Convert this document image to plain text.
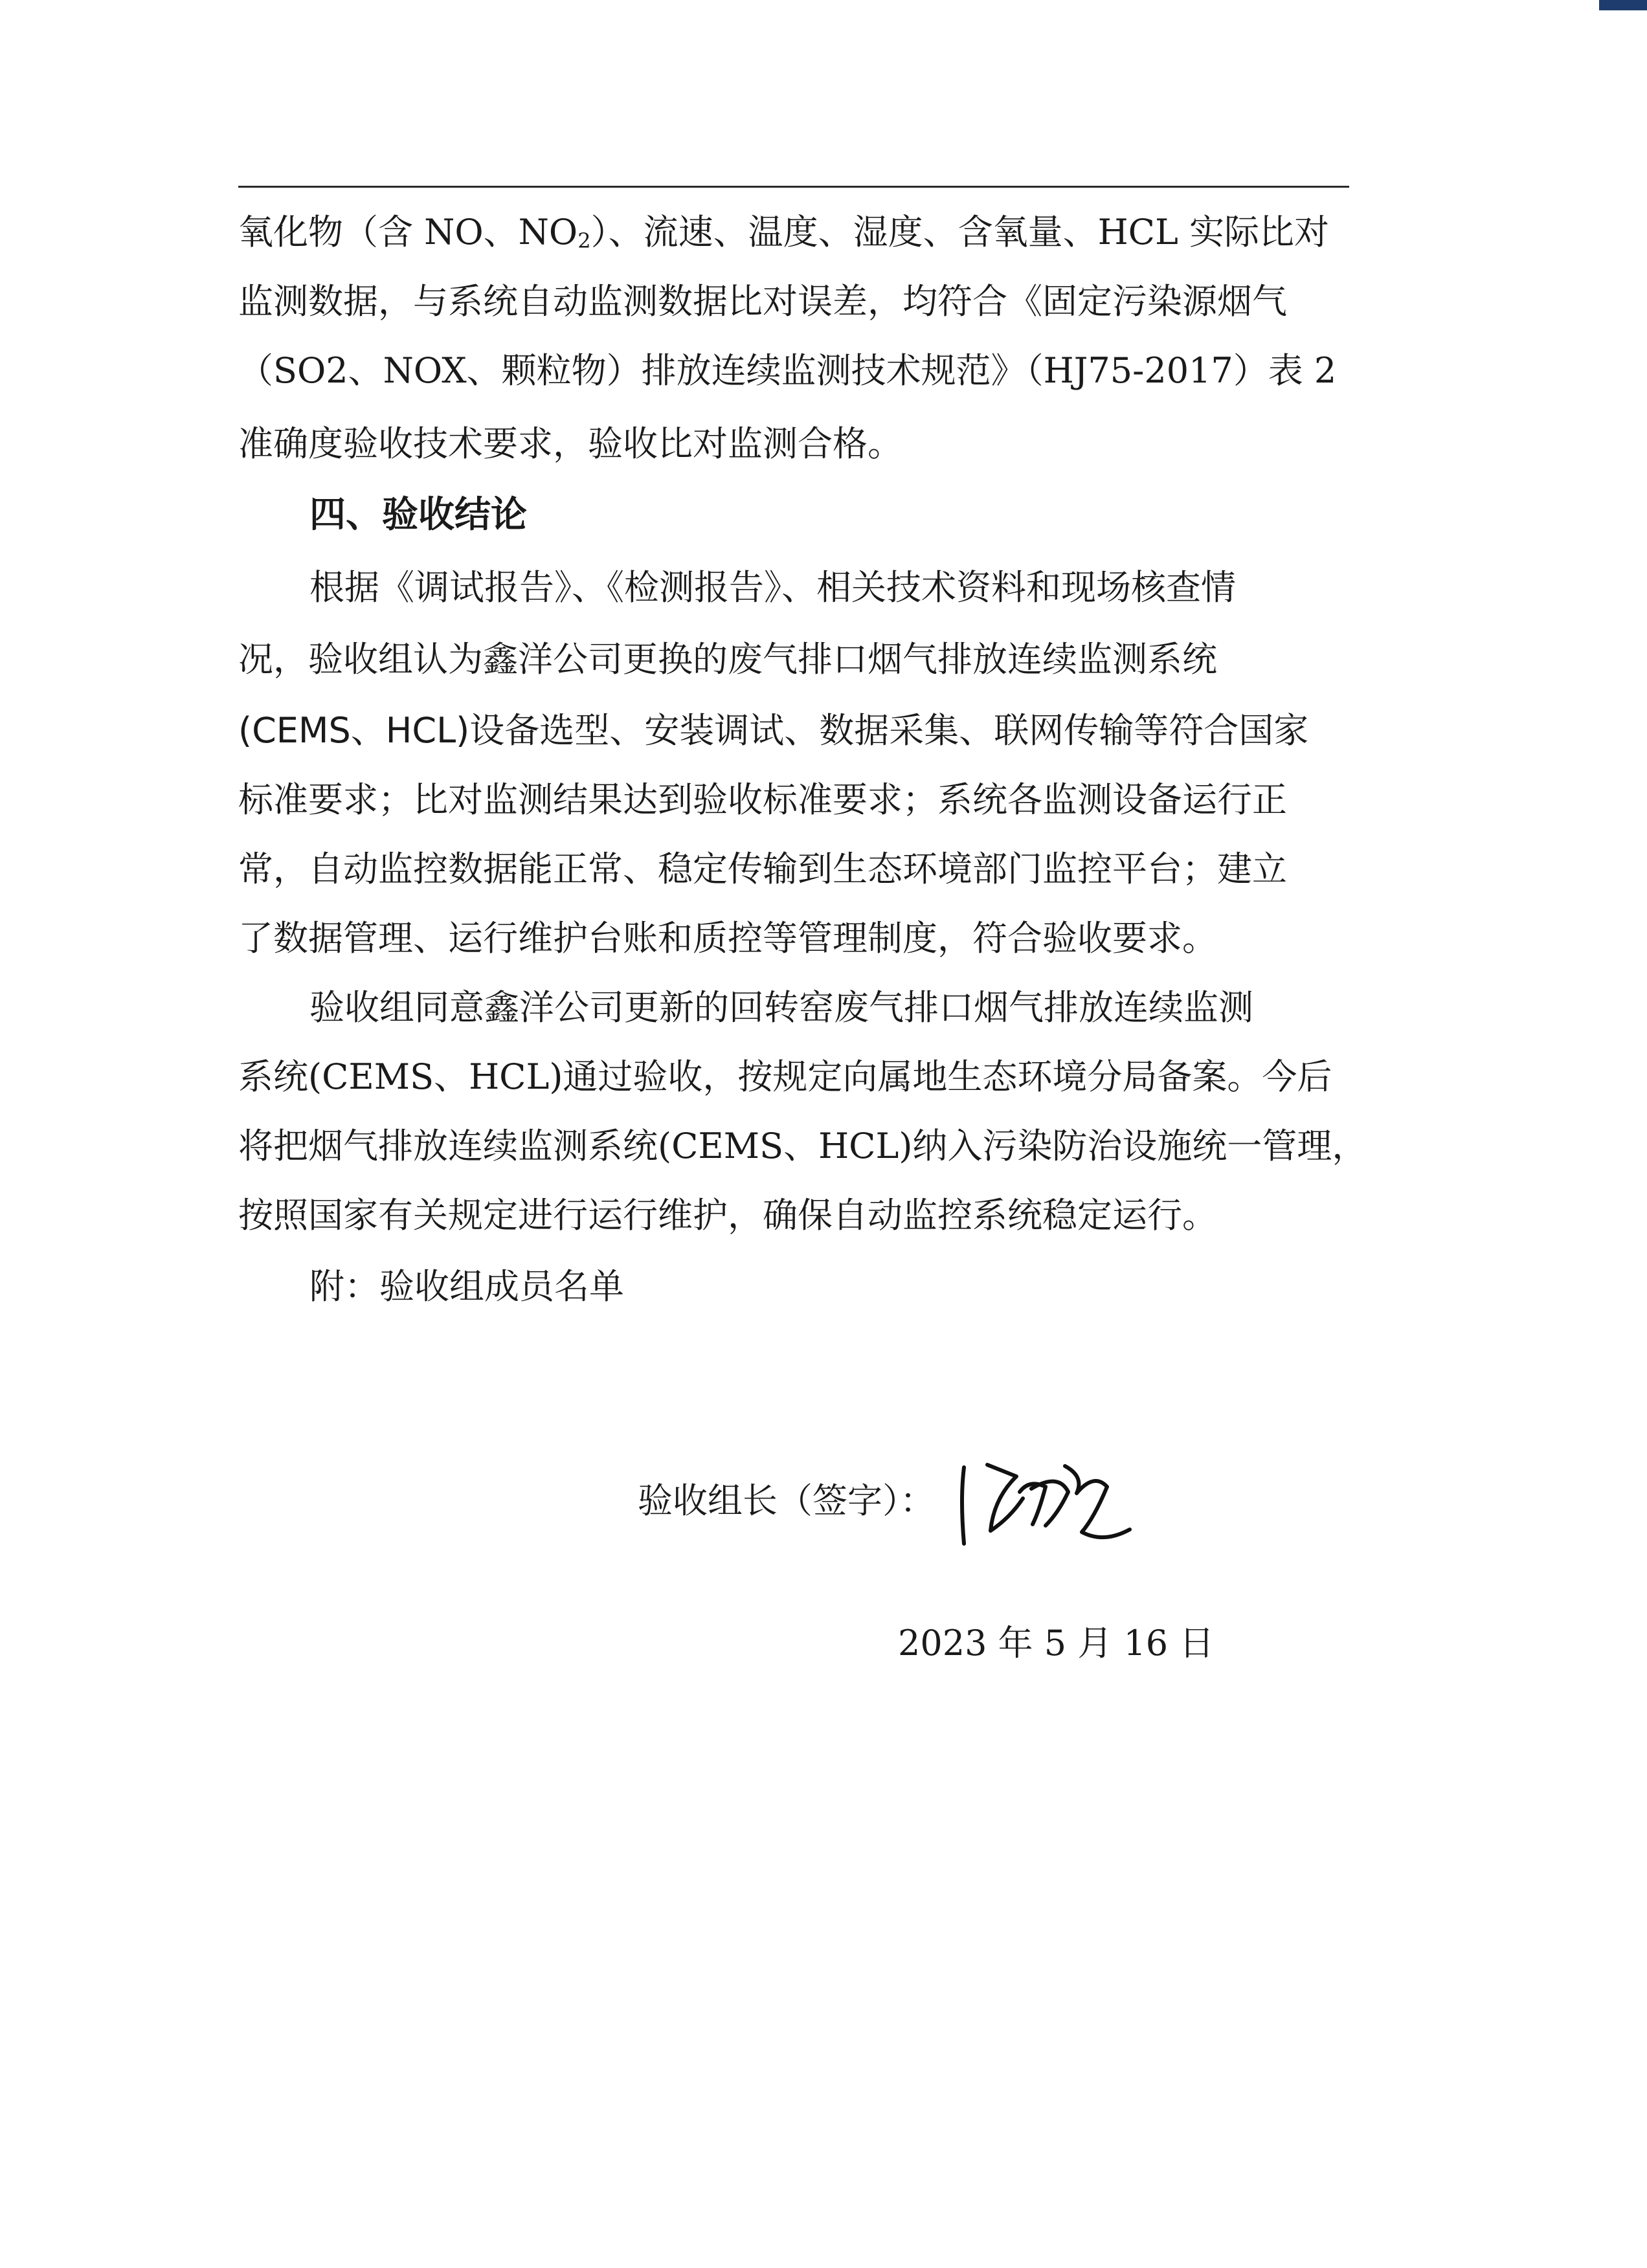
氧化物（含 NO、$NO_2$）、流速、温度、湿度、含氧量、HCL 实际比对
监测数据，与系统自动监测数据比对误差，均符合《固定污染源烟气
（SO2、NOX、颗粒物）排放连续监测技术规范》（HJ75-2017）表 2
准确度验收技术要求，验收比对监测合格。
四、验收结论
根据《调试报告》、《检测报告》、相关技术资料和现场核查情
况，验收组认为鑫洋公司更换的废气排口烟气排放连续监测系统
(CEMS、HCL)设备选型、安装调试、数据采集、联网传输等符合国家
标准要求；比对监测结果达到验收标准要求；系统各监测设备运行正
常，自动监控数据能正常、稳定传输到生态环境部门监控平台；建立
了数据管理、运行维护台账和质控等管理制度，符合验收要求。
验收组同意鑫洋公司更新的回转窑废气排口烟气排放连续监测
系统(CEMS、HCL)通过验收，按规定向属地生态环境分局备案。今后
将把烟气排放连续监测系统(CEMS、HCL)纳入污染防治设施统一管理，
按照国家有关规定进行运行维护，确保自动监控系统稳定运行。
附：验收组成员名单
验收组长（签字）：
2023 年 5 月 16 日
